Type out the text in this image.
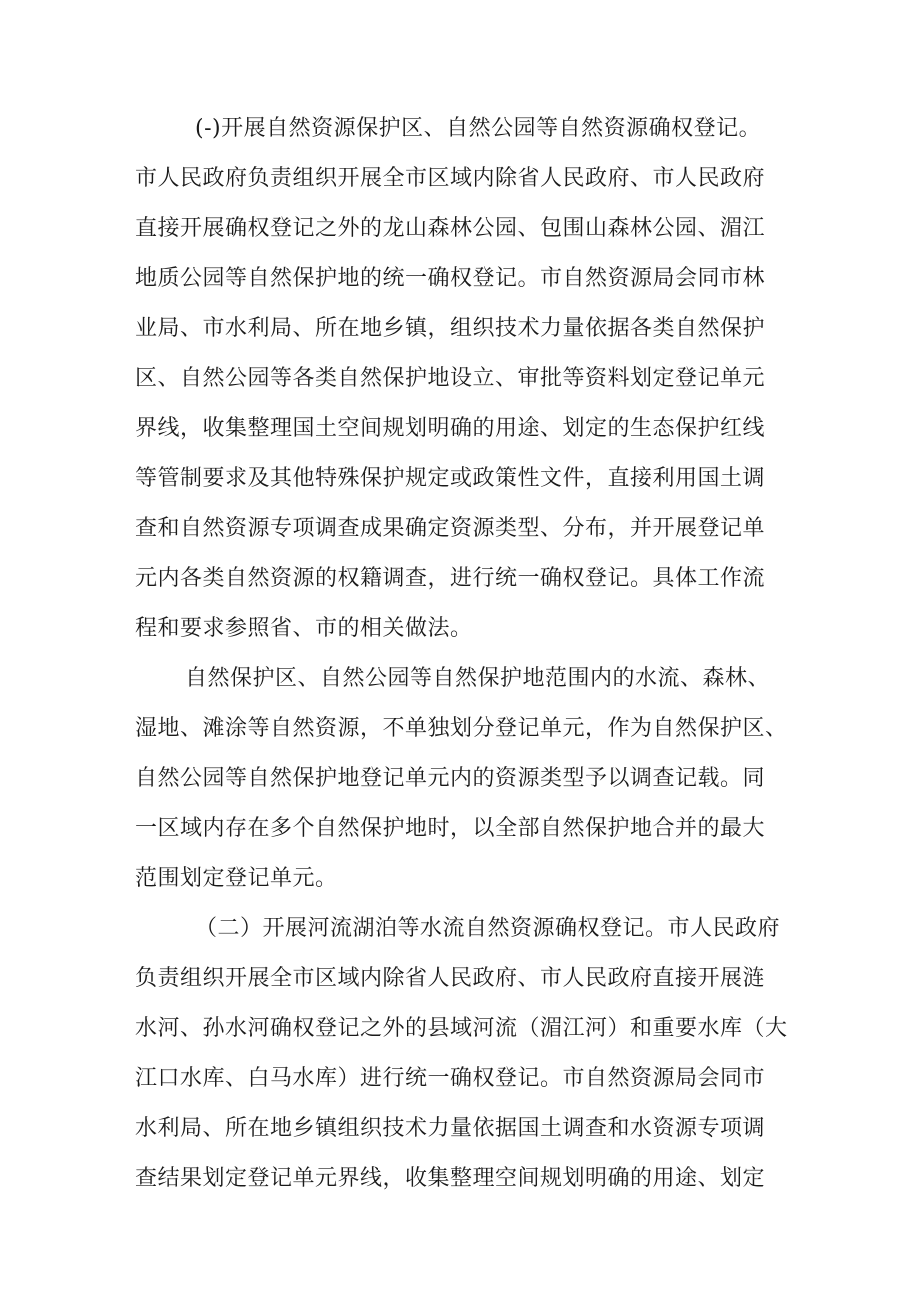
(-)开展自然资源保护区、自然公园等自然资源确权登记。
市人民政府负责组织开展全市区域内除省人民政府、市人民政府
直接开展确权登记之外的龙山森林公园、包围山森林公园、湄江
地质公园等自然保护地的统一确权登记。市自然资源局会同市林
业局、市水利局、所在地乡镇，组织技术力量依据各类自然保护
区、自然公园等各类自然保护地设立、审批等资料划定登记单元
界线，收集整理国土空间规划明确的用途、划定的生态保护红线
等管制要求及其他特殊保护规定或政策性文件，直接利用国土调
查和自然资源专项调查成果确定资源类型、分布，并开展登记单
元内各类自然资源的权籍调查，进行统一确权登记。具体工作流
程和要求参照省、市的相关做法。
自然保护区、自然公园等自然保护地范围内的水流、森林、
湿地、滩涂等自然资源，不单独划分登记单元，作为自然保护区、
自然公园等自然保护地登记单元内的资源类型予以调查记载。同
一区域内存在多个自然保护地时，以全部自然保护地合并的最大
范围划定登记单元。
（二）开展河流湖泊等水流自然资源确权登记。市人民政府
负责组织开展全市区域内除省人民政府、市人民政府直接开展涟
水河、孙水河确权登记之外的县域河流（湄江河）和重要水库（大
江口水库、白马水库）进行统一确权登记。市自然资源局会同市
水利局、所在地乡镇组织技术力量依据国土调查和水资源专项调
查结果划定登记单元界线，收集整理空间规划明确的用途、划定
